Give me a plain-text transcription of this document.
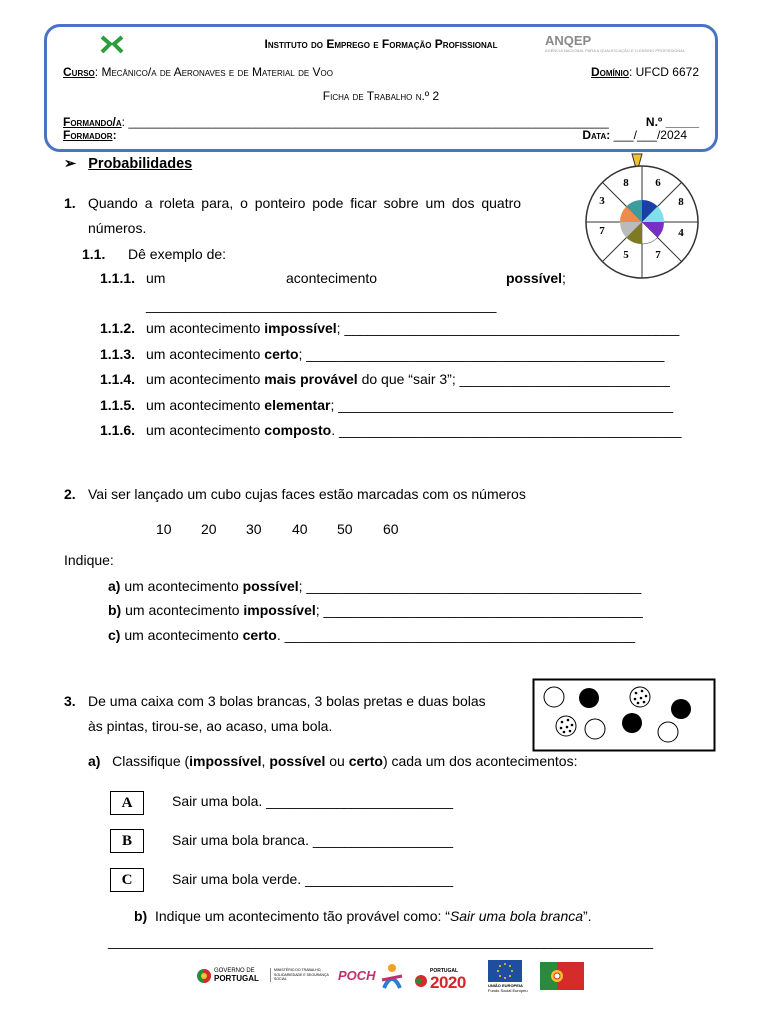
ANQEP
AGÊNCIA NACIONAL PARA A QUALIFICAÇÃO E O ENSINO PROFISSIONAL
Instituto do Emprego e Formação Profissional
Curso: Mecânico/a de Aeronaves e de Material de Voo	Domínio: UFCD 6672
Ficha de Trabalho n.º 2
Formando/a: ________________________________________________________________________	N.º _____
Formador:	Data: ___/___/2024
➢ Probabilidades
1. Quando a roleta para, o ponteiro pode ficar sobre um dos quatro
números.
1.1. Dê exemplo de:
8 6
8
4
7
5
7
3
1.1.1. um	acontecimento	possível;
_____________________________________________
1.1.2. um acontecimento impossível; ___________________________________________
1.1.3. um acontecimento certo; ______________________________________________
1.1.4. um acontecimento mais provável do que “sair 3”; ___________________________
1.1.5. um acontecimento elementar; ___________________________________________
1.1.6. um acontecimento composto. ____________________________________________
2. Vai ser lançado um cubo cujas faces estão marcadas com os números
10 20 30 40 50 60
Indique:
a) um acontecimento possível; ___________________________________________
b) um acontecimento impossível; _________________________________________
c) um acontecimento certo. _____________________________________________
3. De uma caixa com 3 bolas brancas, 3 bolas pretas e duas bolas
às pintas, tirou-se, ao acaso, uma bola.
a) Classifique (impossível, possível ou certo) cada um dos acontecimentos:
A	Sair uma bola. ________________________
B	Sair uma bola branca. __________________
C	Sair uma bola verde. ___________________
b) Indique um acontecimento tão provável como: “Sair uma bola branca”.
______________________________________________________________________
GOVERNO DE
PORTUGAL
MINISTÉRIO DO TRABALHO, SOLIDARIEDADE E SEGURANÇA SOCIAL	POCH	PORTUGAL
2020	UNIÃO EUROPEIA
Fundo Social Europeu
